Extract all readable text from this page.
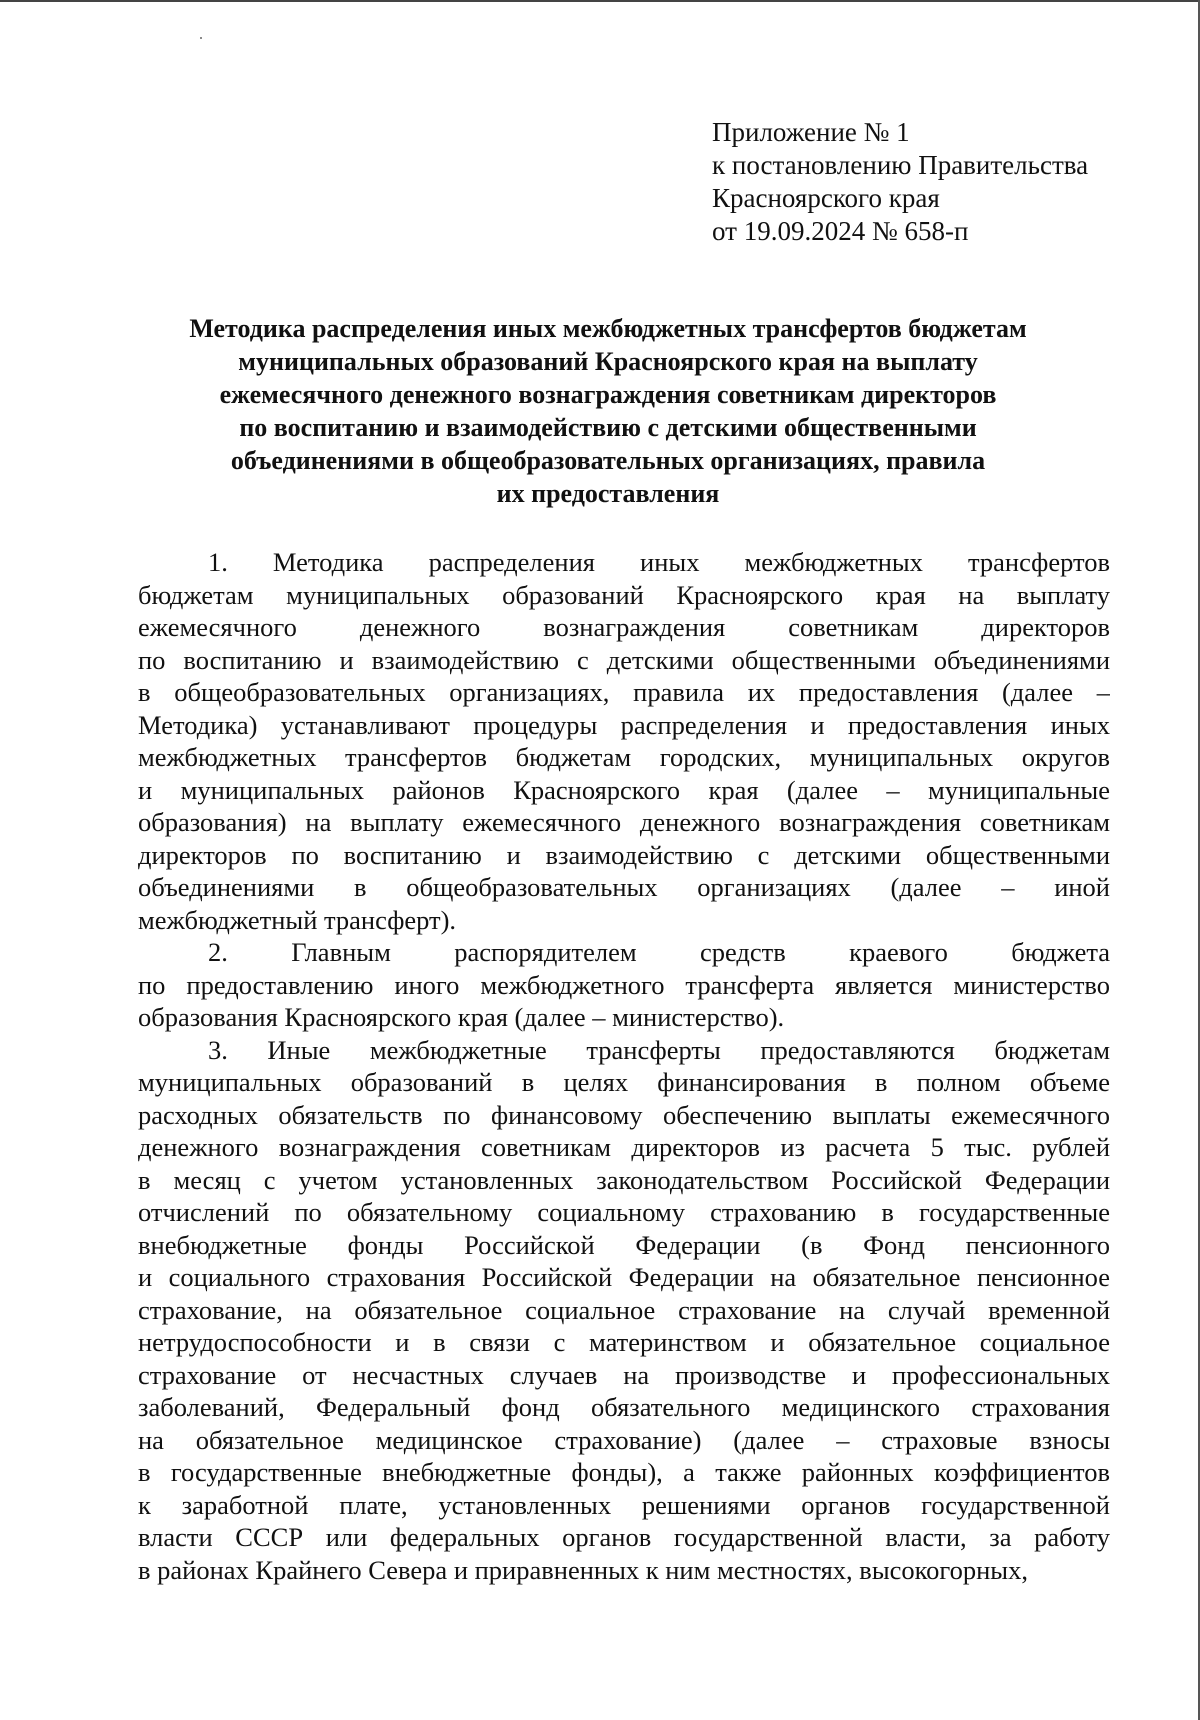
Приложение № 1
к постановлению Правительства
Красноярского края
от 19.09.2024 № 658-п
Методика распределения иных межбюджетных трансфертов бюджетам
муниципальных образований Красноярского края на выплату
ежемесячного денежного вознаграждения советникам директоров
по воспитанию и взаимодействию с детскими общественными
объединениями в общеобразовательных организациях, правила
их предоставления
1. Методика распределения иных межбюджетных трансфертов
бюджетам муниципальных образований Красноярского края на выплату
ежемесячного денежного вознаграждения советникам директоров
по воспитанию и взаимодействию с детскими общественными объединениями
в общеобразовательных организациях, правила их предоставления (далее –
Методика) устанавливают процедуры распределения и предоставления иных
межбюджетных трансфертов бюджетам городских, муниципальных округов
и муниципальных районов Красноярского края (далее – муниципальные
образования) на выплату ежемесячного денежного вознаграждения советникам
директоров по воспитанию и взаимодействию с детскими общественными
объединениями в общеобразовательных организациях (далее – иной
межбюджетный трансферт).
2. Главным распорядителем средств краевого бюджета
по предоставлению иного межбюджетного трансферта является министерство
образования Красноярского края (далее – министерство).
3. Иные межбюджетные трансферты предоставляются бюджетам
муниципальных образований в целях финансирования в полном объеме
расходных обязательств по финансовому обеспечению выплаты ежемесячного
денежного вознаграждения советникам директоров из расчета 5 тыс. рублей
в месяц с учетом установленных законодательством Российской Федерации
отчислений по обязательному социальному страхованию в государственные
внебюджетные фонды Российской Федерации (в Фонд пенсионного
и социального страхования Российской Федерации на обязательное пенсионное
страхование, на обязательное социальное страхование на случай временной
нетрудоспособности и в связи с материнством и обязательное социальное
страхование от несчастных случаев на производстве и профессиональных
заболеваний, Федеральный фонд обязательного медицинского страхования
на обязательное медицинское страхование) (далее – страховые взносы
в государственные внебюджетные фонды), а также районных коэффициентов
к заработной плате, установленных решениями органов государственной
власти СССР или федеральных органов государственной власти, за работу
в районах Крайнего Севера и приравненных к ним местностях, высокогорных,
